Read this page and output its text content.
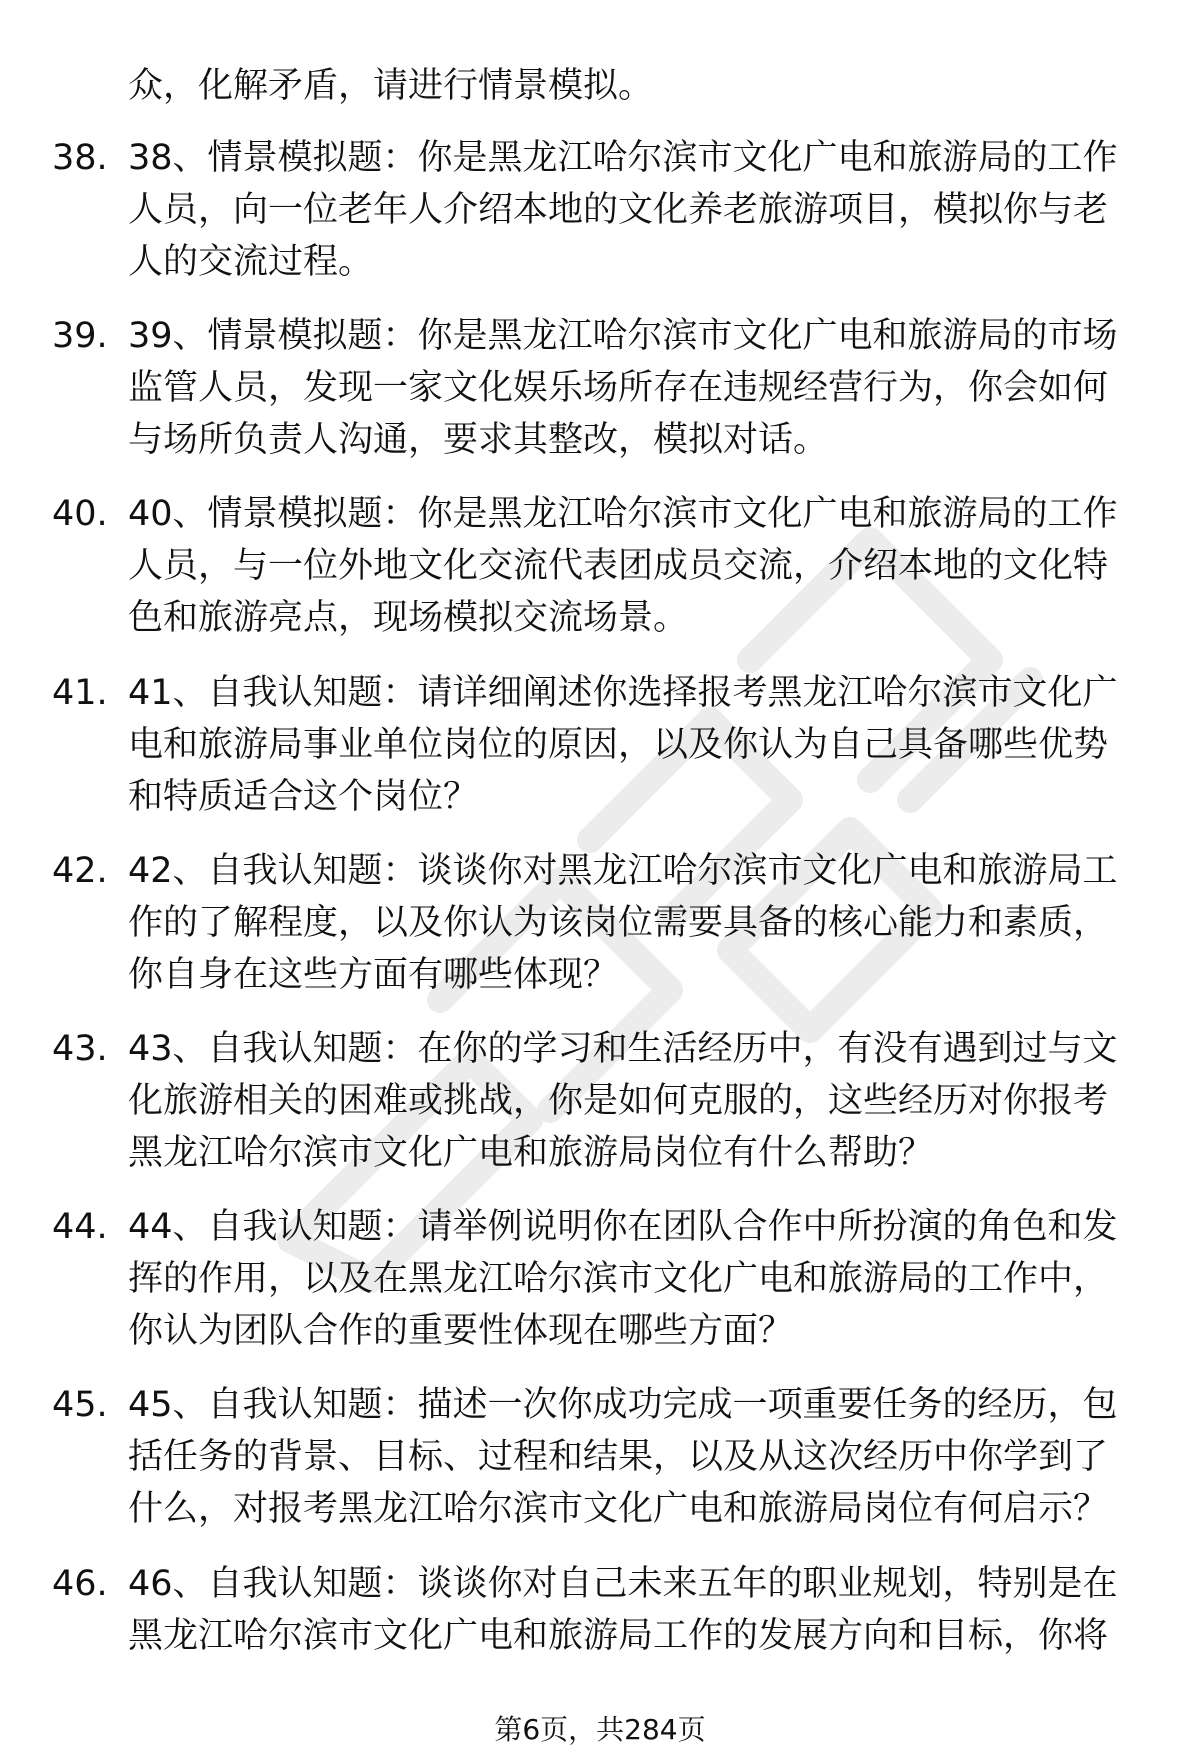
众，化解矛盾，请进行情景模拟。
38. 38、情景模拟题：你是黑龙江哈尔滨市文化广电和旅游局的工作
人员，向一位老年人介绍本地的文化养老旅游项目，模拟你与老
人的交流过程。
39. 39、情景模拟题：你是黑龙江哈尔滨市文化广电和旅游局的市场
监管人员，发现一家文化娱乐场所存在违规经营行为，你会如何
与场所负责人沟通，要求其整改，模拟对话。
40. 40、情景模拟题：你是黑龙江哈尔滨市文化广电和旅游局的工作
人员，与一位外地文化交流代表团成员交流，介绍本地的文化特
色和旅游亮点，现场模拟交流场景。
41. 41、自我认知题：请详细阐述你选择报考黑龙江哈尔滨市文化广
电和旅游局事业单位岗位的原因，以及你认为自己具备哪些优势
和特质适合这个岗位？
42. 42、自我认知题：谈谈你对黑龙江哈尔滨市文化广电和旅游局工
作的了解程度，以及你认为该岗位需要具备的核心能力和素质，
你自身在这些方面有哪些体现？
43. 43、自我认知题：在你的学习和生活经历中，有没有遇到过与文
化旅游相关的困难或挑战，你是如何克服的，这些经历对你报考
黑龙江哈尔滨市文化广电和旅游局岗位有什么帮助？
44. 44、自我认知题：请举例说明你在团队合作中所扮演的角色和发
挥的作用，以及在黑龙江哈尔滨市文化广电和旅游局的工作中，
你认为团队合作的重要性体现在哪些方面？
45. 45、自我认知题：描述一次你成功完成一项重要任务的经历，包
括任务的背景、目标、过程和结果，以及从这次经历中你学到了
什么，对报考黑龙江哈尔滨市文化广电和旅游局岗位有何启示？
46. 46、自我认知题：谈谈你对自己未来五年的职业规划，特别是在
黑龙江哈尔滨市文化广电和旅游局工作的发展方向和目标，你将
第6页，共284页
